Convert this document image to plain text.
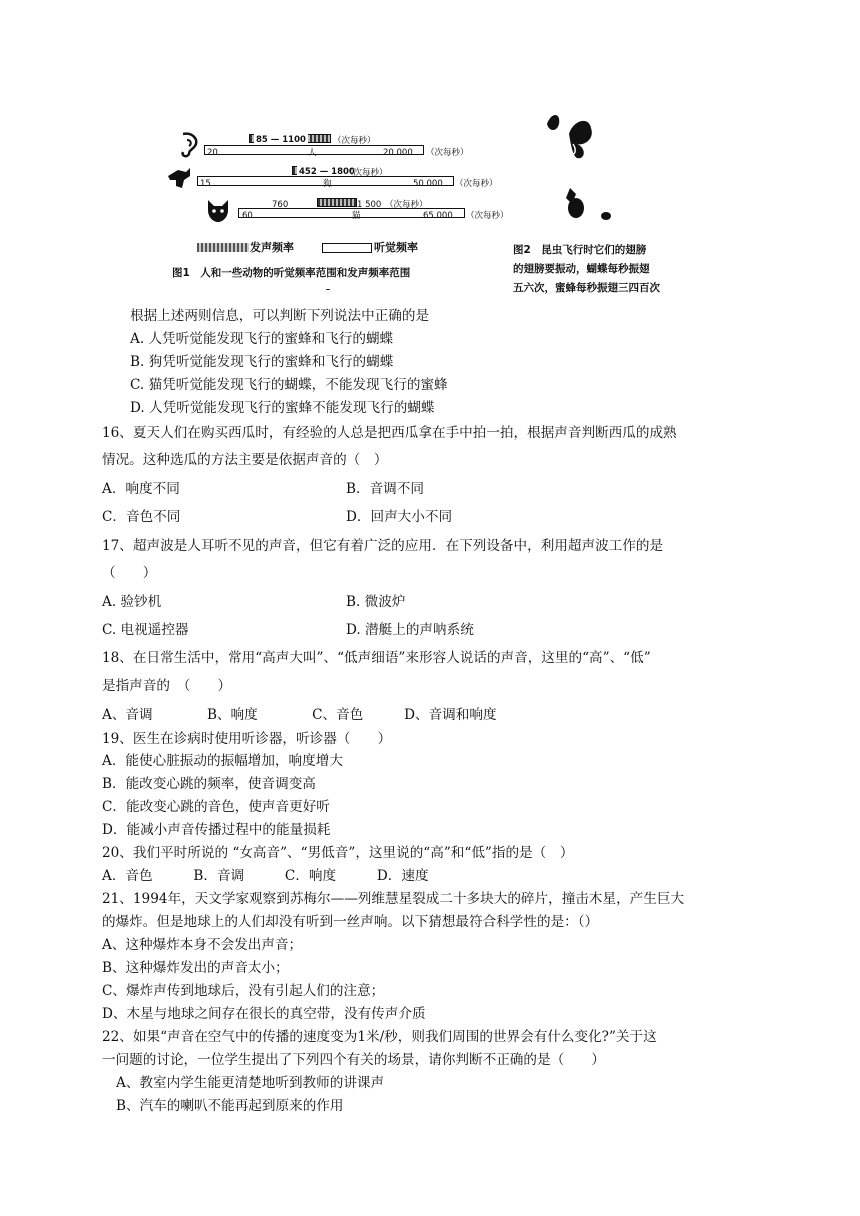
85 — 1100	（次每秒）
20	人	20 000 （次每秒）
452 — 1800
（次每秒）
15	狗	50 000 （次每秒）
760	1 500 （次每秒）
60	猫	65 000 （次每秒）
发声频率	听觉频率
图1　人和一些动物的听觉频率范围和发声频率范围
图2　昆虫飞行时它们的翅膀
的翅膀要振动，蝴蝶每秒振翅
五六次，蜜蜂每秒振翅三四百次
根据上述两则信息，可以判断下列说法中正确的是
A. 人凭听觉能发现飞行的蜜蜂和飞行的蝴蝶
B. 狗凭听觉能发现飞行的蜜蜂和飞行的蝴蝶
C. 猫凭听觉能发现飞行的蝴蝶，不能发现飞行的蜜蜂
D. 人凭听觉能发现飞行的蜜蜂不能发现飞行的蝴蝶
16、夏天人们在购买西瓜时，有经验的人总是把西瓜拿在手中拍一拍，根据声音判断西瓜的成熟
情况。这种选瓜的方法主要是依据声音的（　）
A．响度不同	B．音调不同
C．音色不同	D．回声大小不同
17、超声波是人耳听不见的声音，但它有着广泛的应用．在下列设备中，利用超声波工作的是
（　　）
A. 验钞机	B. 微波炉
C. 电视遥控器	D. 潜艇上的声呐系统
18、在日常生活中，常用“高声大叫”、“低声细语”来形容人说话的声音，这里的“高”、“低”
是指声音的　（　　）
A、音调　　　　B、响度　　　　C、音色　　　D、音调和响度
19、医生在诊病时使用听诊器，听诊器（　　）
A．能使心脏振动的振幅增加，响度增大
B．能改变心跳的频率，使音调变高
C．能改变心跳的音色，使声音更好听
D．能减小声音传播过程中的能量损耗
20、我们平时所说的 “女高音”、“男低音”，这里说的“高”和“低”指的是（　）
A．音色　　　B．音调　　　C．响度　　　D．速度
21、1994年，天文学家观察到苏梅尔——列维慧星裂成二十多块大的碎片，撞击木星，产生巨大
的爆炸。但是地球上的人们却没有听到一丝声响。以下猜想最符合科学性的是：（）
A、这种爆炸本身不会发出声音；
B、这种爆炸发出的声音太小；
C、爆炸声传到地球后，没有引起人们的注意；
D、木星与地球之间存在很长的真空带，没有传声介质
22、如果“声音在空气中的传播的速度变为1米/秒，则我们周围的世界会有什么变化?”关于这
一问题的讨论，一位学生提出了下列四个有关的场景，请你判断不正确的是（　　）
A、教室内学生能更清楚地听到教师的讲课声
B、汽车的喇叭不能再起到原来的作用
